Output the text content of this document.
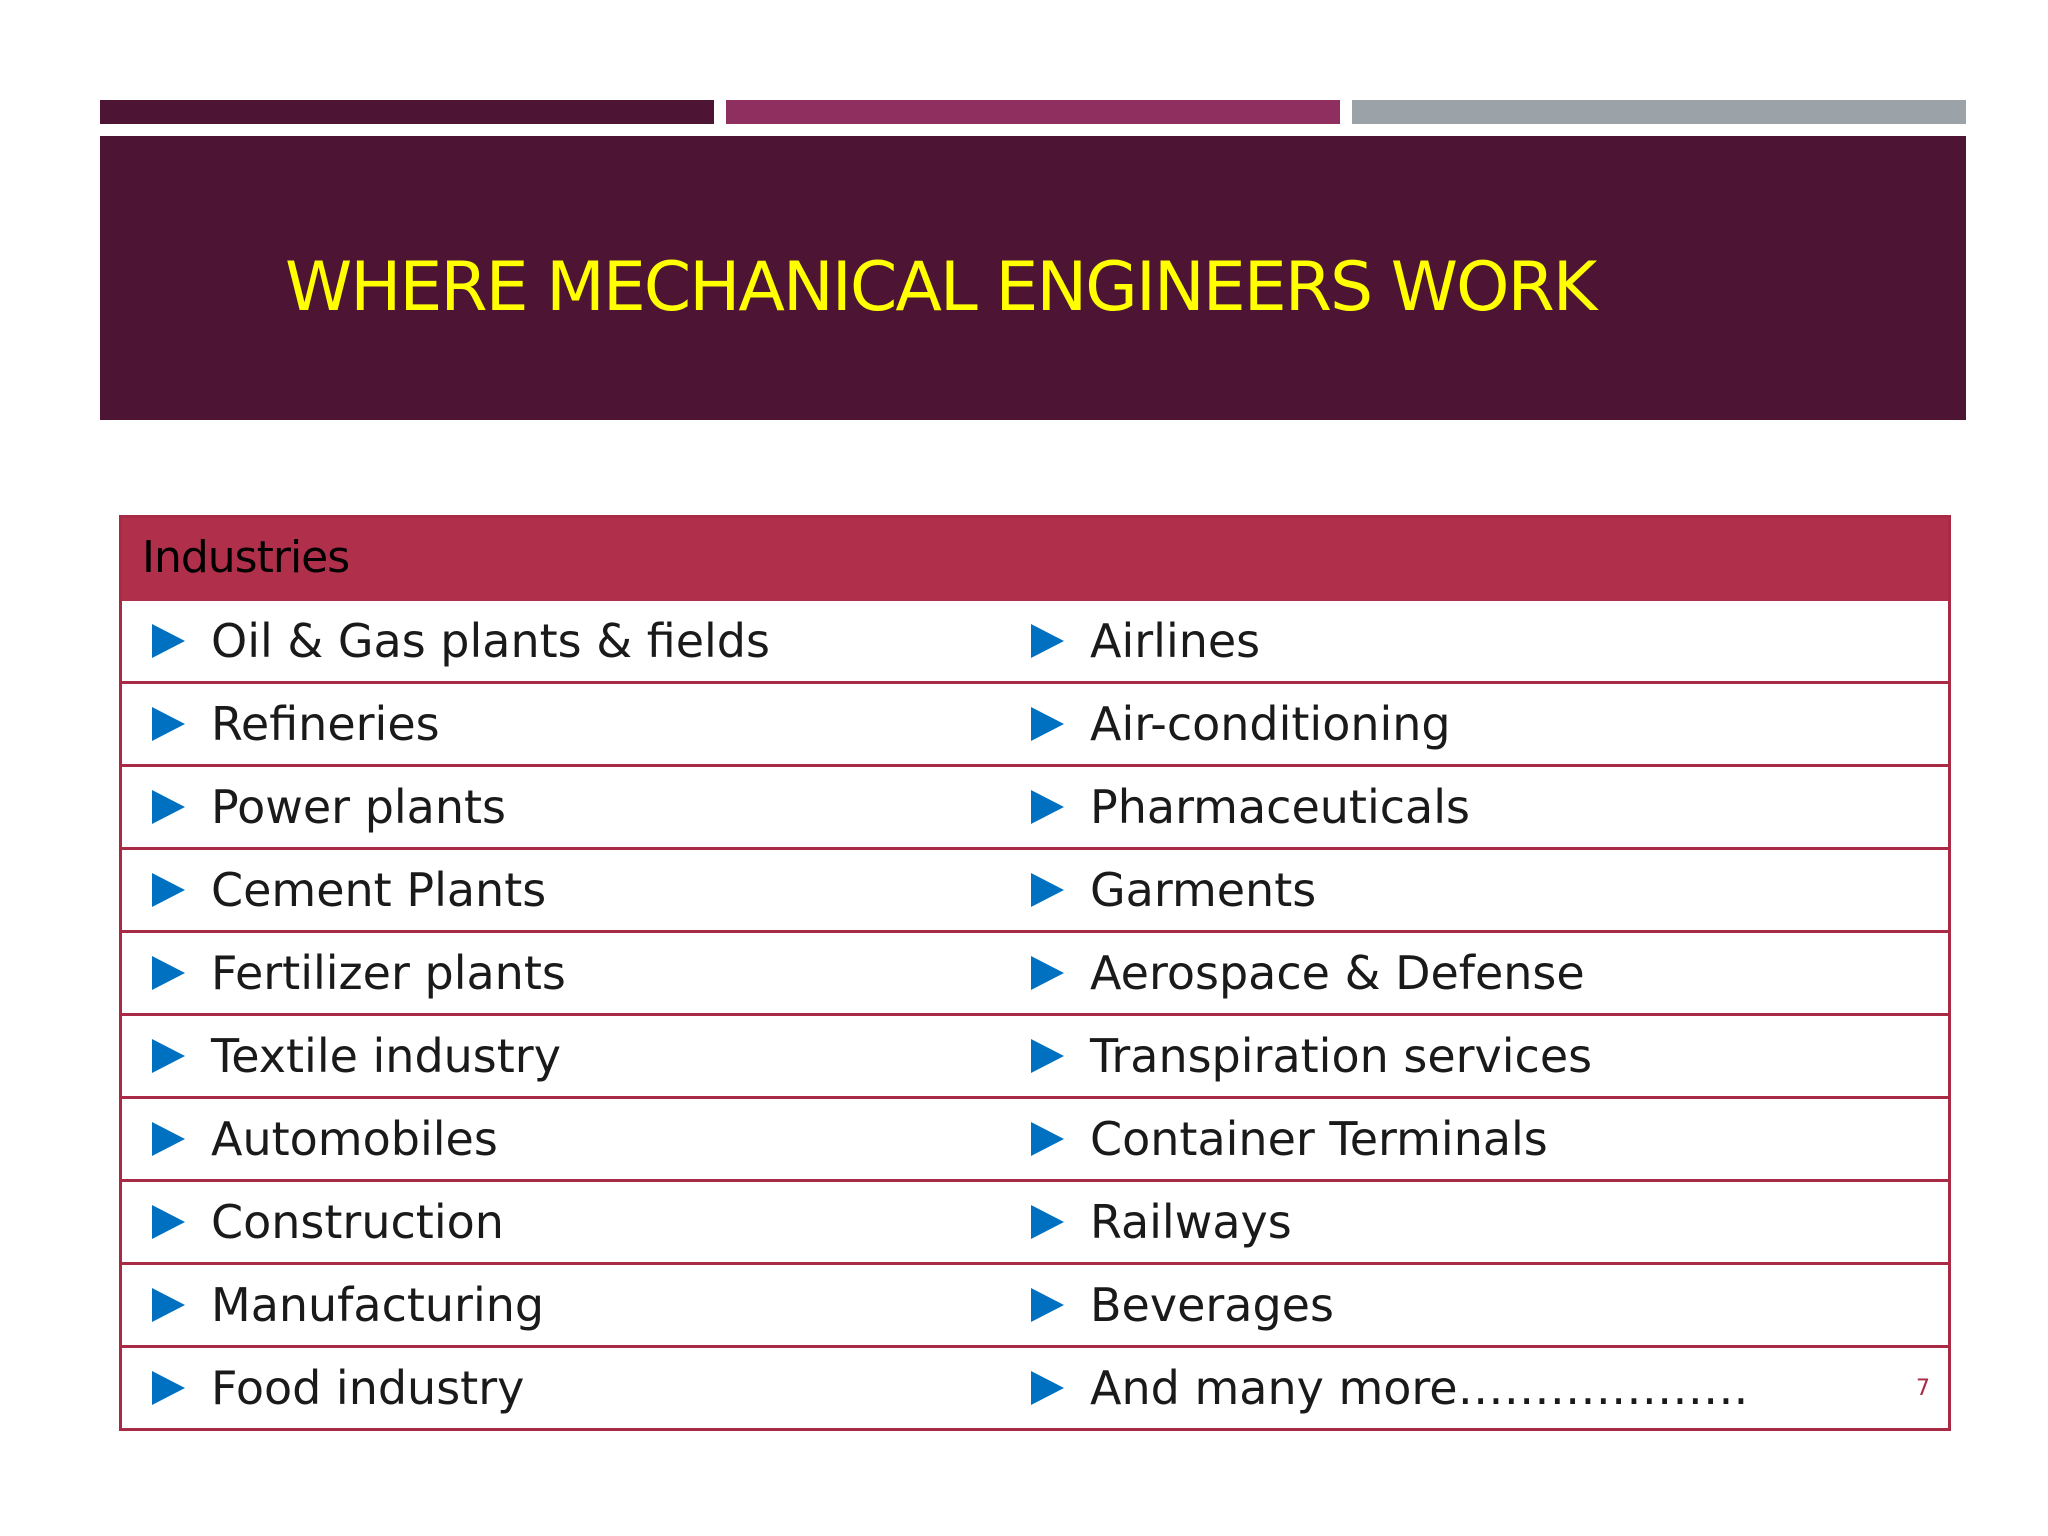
WHERE MECHANICAL ENGINEERS WORK
Industries
Oil & Gas plants & fields	Airlines
Refineries	Air-conditioning
Power plants	Pharmaceuticals
Cement Plants	Garments
Fertilizer plants	Aerospace & Defense
Textile industry	Transpiration services
Automobiles	Container Terminals
Construction	Railways
Manufacturing	Beverages
Food industry	And many more……………….	7
